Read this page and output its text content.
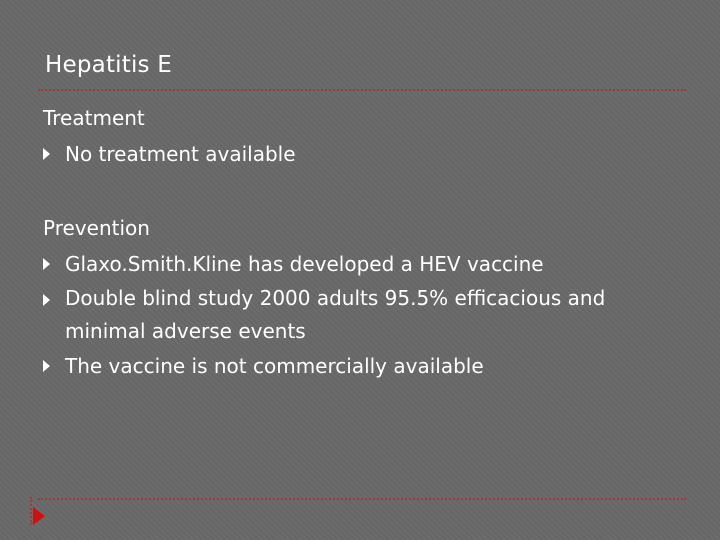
Hepatitis E
Treatment
No treatment available
Prevention
Glaxo.Smith.Kline has developed a HEV vaccine
Double blind study 2000 adults 95.5% efficacious and minimal adverse events
The vaccine is not commercially available
